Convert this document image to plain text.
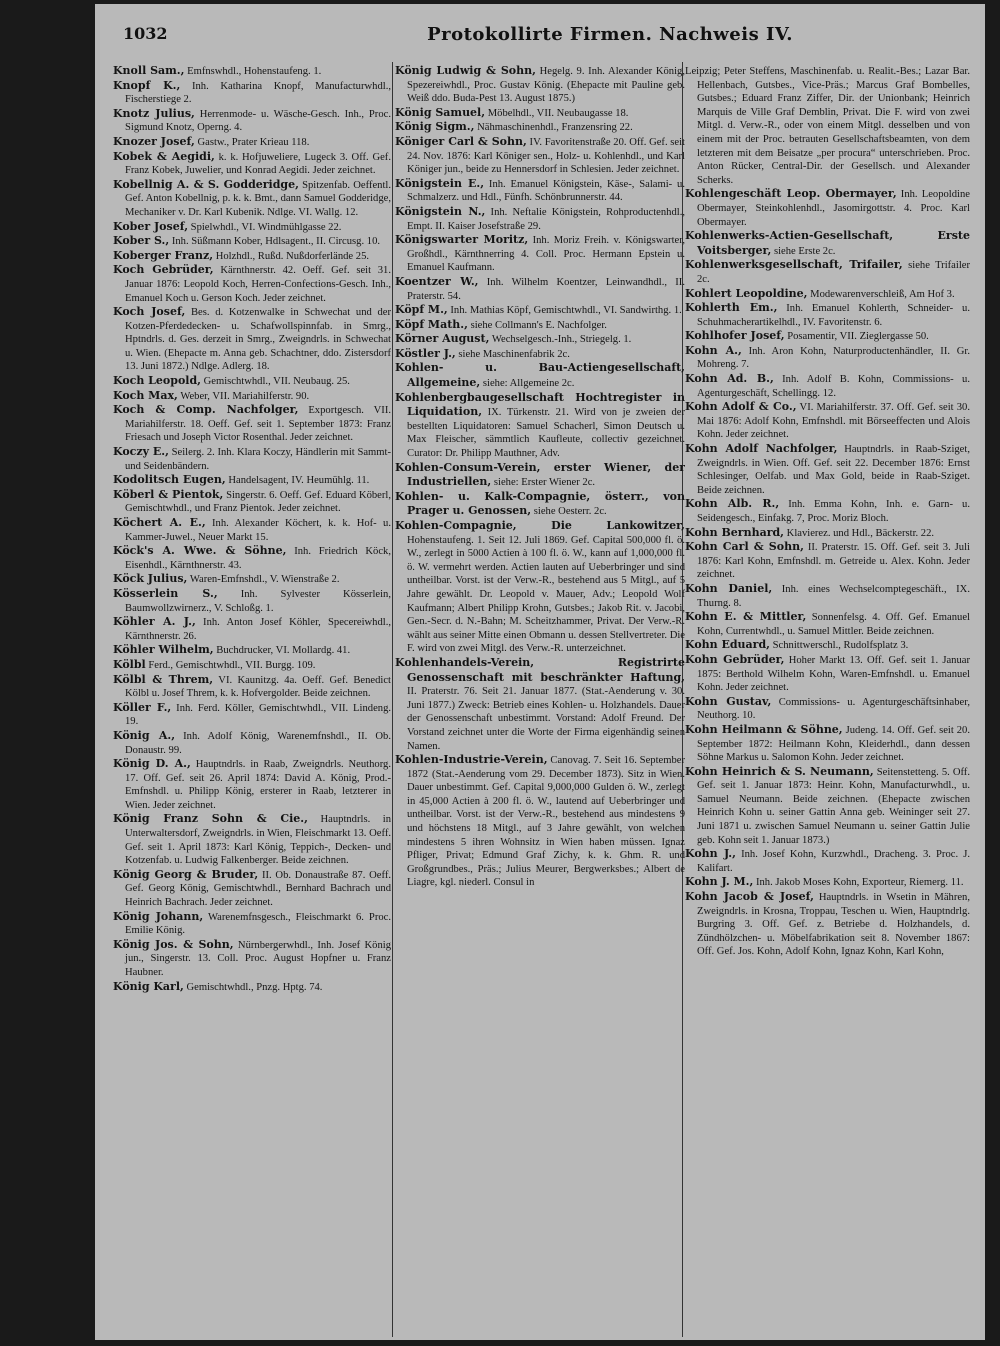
1032	Protokollirte Firmen. Nachweis IV.

Knoll Sam., Emfnswhdl., Hohenstaufeng. 1.

Knopf K., Inh. Katharina Knopf, Manufacturwhdl., Fischerstiege 2.

Knotz Julius, Herrenmode- u. Wäsche-Gesch. Inh., Proc. Sigmund Knotz, Operng. 4.

Knozer Josef, Gastw., Prater Krieau 118.

Kobek & Aegidi, k. k. Hofjuweliere, Lugeck 3. Off. Gef. Franz Kobek, Juwelier, und Konrad Aegidi. Jeder zeichnet.

Kobellnig A. & S. Godderidge, Spitzenfab. Oeffentl. Gef. Anton Kobellnig, p. k. k. Bmt., dann Samuel Godderidge, Mechaniker v. Dr. Karl Kubenik. Ndlge. VI. Wallg. 12.

Kober Josef, Spielwhdl., VI. Windmühlgasse 22.

Kober S., Inh. Süßmann Kober, Hdlsagent., II. Circusg. 10.

Koberger Franz, Holzhdl., Rußd. Nußdorferlände 25.

Koch Gebrüder, Kärnthnerstr. 42. Oeff. Gef. seit 31. Januar 1876: Leopold Koch, Herren-Confections-Gesch. Inh., Emanuel Koch u. Gerson Koch. Jeder zeichnet.

Koch Josef, Bes. d. Kotzenwalke in Schwechat und der Kotzen-Pferdedecken- u. Schafwollspinnfab. in Smrg., Hptndrls. d. Ges. derzeit in Smrg., Zweigndrls. in Schwechat u. Wien. (Ehepacte m. Anna geb. Schachtner, ddo. Zistersdorf 13. Juni 1872.) Ndlge. Adlerg. 18.

Koch Leopold, Gemischtwhdl., VII. Neubaug. 25.

Koch Max, Weber, VII. Mariahilferstr. 90.

Koch & Comp. Nachfolger, Exportgesch. VII. Mariahilferstr. 18. Oeff. Gef. seit 1. September 1873: Franz Friesach und Joseph Victor Rosenthal. Jeder zeichnet.

Koczy E., Seilerg. 2. Inh. Klara Koczy, Händlerin mit Sammt- und Seidenbändern.

Kodolitsch Eugen, Handelsagent, IV. Heumühlg. 11.

Köberl & Pientok, Singerstr. 6. Oeff. Gef. Eduard Köberl, Gemischtwhdl., und Franz Pientok. Jeder zeichnet.

Köchert A. E., Inh. Alexander Köchert, k. k. Hof- u. Kammer-Juwel., Neuer Markt 15.

Köck's A. Wwe. & Söhne, Inh. Friedrich Köck, Eisenhdl., Kärnthnerstr. 43.

Köck Julius, Waren-Emfnshdl., V. Wienstraße 2.

Kösserlein S., Inh. Sylvester Kösserlein, Baumwollzwirnerz., V. Schloßg. 1.

Köhler A. J., Inh. Anton Josef Köhler, Specereiwhdl., Kärnthnerstr. 26.

Köhler Wilhelm, Buchdrucker, VI. Mollardg. 41.

Kölbl Ferd., Gemischtwhdl., VII. Burgg. 109.

Kölbl & Threm, VI. Kaunitzg. 4a. Oeff. Gef. Benedict Kölbl u. Josef Threm, k. k. Hofvergolder. Beide zeichnen.

Köller F., Inh. Ferd. Köller, Gemischtwhdl., VII. Lindeng. 19.

König A., Inh. Adolf König, Warenemfnshdl., II. Ob. Donaustr. 99.

König D. A., Hauptndrls. in Raab, Zweigndrls. Neuthorg. 17. Off. Gef. seit 26. April 1874: David A. König, Prod.-Emfnshdl. u. Philipp König, ersterer in Raab, letzterer in Wien. Jeder zeichnet.

König Franz Sohn & Cie., Hauptndrls. in Unterwaltersdorf, Zweigndrls. in Wien, Fleischmarkt 13. Oeff. Gef. seit 1. April 1873: Karl König, Teppich-, Decken- und Kotzenfab. u. Ludwig Falkenberger. Beide zeichnen.

König Georg & Bruder, II. Ob. Donaustraße 87. Oeff. Gef. Georg König, Gemischtwhdl., Bernhard Bachrach und Heinrich Bachrach. Jeder zeichnet.

König Johann, Warenemfnsgesch., Fleischmarkt 6. Proc. Emilie König.

König Jos. & Sohn, Nürnbergerwhdl., Inh. Josef König jun., Singerstr. 13. Coll. Proc. August Hopfner u. Franz Haubner.

König Karl, Gemischtwhdl., Pnzg. Hptg. 74.

König Ludwig & Sohn, Hegelg. 9. Inh. Alexander König, Spezereiwhdl., Proc. Gustav König. (Ehepacte mit Pauline geb. Weiß ddo. Buda-Pest 13. August 1875.)

König Samuel, Möbelhdl., VII. Neubaugasse 18.

König Sigm., Nähmaschinenhdl., Franzensring 22.

Königer Carl & Sohn, IV. Favoritenstraße 20. Off. Gef. seit 24. Nov. 1876: Karl Königer sen., Holz- u. Kohlenhdl., und Karl Königer jun., beide zu Hennersdorf in Schlesien. Jeder zeichnet.

Königstein E., Inh. Emanuel Königstein, Käse-, Salami- u. Schmalzerz. und Hdl., Fünfh. Schönbrunnerstr. 44.

Königstein N., Inh. Neftalie Königstein, Rohproductenhdl., Empt. II. Kaiser Josefstraße 29.

Königswarter Moritz, Inh. Moriz Freih. v. Königswarter, Großhdl., Kärnthnerring 4. Coll. Proc. Hermann Epstein u. Emanuel Kaufmann.

Koentzer W., Inh. Wilhelm Koentzer, Leinwandhdl., II. Praterstr. 54.

Köpf M., Inh. Mathias Köpf, Gemischtwhdl., VI. Sandwirthg. 1.

Köpf Math., siehe Collmann's E. Nachfolger.

Körner August, Wechselgesch.-Inh., Striegelg. 1.

Köstler J., siehe Maschinenfabrik 2c.

Kohlen- u. Bau-Actiengesellschaft, Allgemeine, siehe: Allgemeine 2c.

Kohlenbergbaugesellschaft Hochtregister in Liquidation, IX. Türkenstr. 21. Wird von je zweien der bestellten Liquidatoren: Samuel Schacherl, Simon Deutsch u. Max Fleischer, sämmtlich Kaufleute, collectiv gezeichnet. Curator: Dr. Philipp Mauthner, Adv.

Kohlen-Consum-Verein, erster Wiener, der Industriellen, siehe: Erster Wiener 2c.

Kohlen- u. Kalk-Compagnie, österr., von Prager u. Genossen, siehe Oesterr. 2c.

Kohlen-Compagnie, Die Lankowitzer, Hohenstaufeng. 1. Seit 12. Juli 1869. Gef. Capital 500,000 fl. ö. W., zerlegt in 5000 Actien à 100 fl. ö. W., kann auf 1,000,000 fl. ö. W. vermehrt werden. Actien lauten auf Ueberbringer und sind untheilbar. Vorst. ist der Verw.-R., bestehend aus 5 Mitgl., auf 5 Jahre gewählt. Dr. Leopold v. Mauer, Adv.; Leopold Wolf Kaufmann; Albert Philipp Krohn, Gutsbes.; Jakob Rit. v. Jacobi, Gen.-Secr. d. N.-Bahn; M. Scheitzhammer, Privat. Der Verw.-R. wählt aus seiner Mitte einen Obmann u. dessen Stellvertreter. Die F. wird von zwei Mitgl. des Verw.-R. unterzeichnet.

Kohlenhandels-Verein, Registrirte Genossenschaft mit beschränkter Haftung, II. Praterstr. 76. Seit 21. Januar 1877. (Stat.-Aenderung v. 30. Juni 1877.) Zweck: Betrieb eines Kohlen- u. Holzhandels. Dauer der Genossenschaft unbestimmt. Vorstand: Adolf Freund. Der Vorstand zeichnet unter die Worte der Firma eigenhändig seinen Namen.

Kohlen-Industrie-Verein, Canovag. 7. Seit 16. September 1872 (Stat.-Aenderung vom 29. December 1873). Sitz in Wien. Dauer unbestimmt. Gef. Capital 9,000,000 Gulden ö. W., zerlegt in 45,000 Actien à 200 fl. ö. W., lautend auf Ueberbringer und untheilbar. Vorst. ist der Verw.-R., bestehend aus mindestens 9 und höchstens 18 Mitgl., auf 3 Jahre gewählt, von welchen mindestens 5 ihren Wohnsitz in Wien haben müssen. Ignaz Pfliger, Privat; Edmund Graf Zichy, k. k. Ghm. R. und Großgrundbes., Präs.; Julius Meurer, Bergwerksbes.; Albert de Liagre, kgl. niederl. Consul in

Leipzig; Peter Steffens, Maschinenfab. u. Realit.-Bes.; Lazar Bar. Hellenbach, Gutsbes., Vice-Präs.; Marcus Graf Bombelles, Gutsbes.; Eduard Franz Ziffer, Dir. der Unionbank; Heinrich Marquis de Ville Graf Demblin, Privat. Die F. wird von zwei Mitgl. d. Verw.-R., oder von einem Mitgl. desselben und von einem mit der Proc. betrauten Gesellschaftsbeamten, von dem letzteren mit dem Beisatze „per procura“ unterschrieben. Proc. Anton Rücker, Central-Dir. der Gesellsch. und Alexander Scherks.

Kohlengeschäft Leop. Obermayer, Inh. Leopoldine Obermayer, Steinkohlenhdl., Jasomirgottstr. 4. Proc. Karl Obermayer.

Kohlenwerks-Actien-Gesellschaft, Erste Voitsberger, siehe Erste 2c.

Kohlenwerksgesellschaft, Trifailer, siehe Trifailer 2c.

Kohlert Leopoldine, Modewarenverschleiß, Am Hof 3.

Kohlerth Em., Inh. Emanuel Kohlerth, Schneider- u. Schuhmacherartikelhdl., IV. Favoritenstr. 6.

Kohlhofer Josef, Posamentir, VII. Zieglergasse 50.

Kohn A., Inh. Aron Kohn, Naturproductenhändler, II. Gr. Mohreng. 7.

Kohn Ad. B., Inh. Adolf B. Kohn, Commissions- u. Agenturgeschäft, Schellingg. 12.

Kohn Adolf & Co., VI. Mariahilferstr. 37. Off. Gef. seit 30. Mai 1876: Adolf Kohn, Emfnshdl. mit Börseeffecten und Alois Kohn. Jeder zeichnet.

Kohn Adolf Nachfolger, Hauptndrls. in Raab-Sziget, Zweigndrls. in Wien. Off. Gef. seit 22. December 1876: Ernst Schlesinger, Oelfab. und Max Gold, beide in Raab-Sziget. Beide zeichnen.

Kohn Alb. R., Inh. Emma Kohn, Inh. e. Garn- u. Seidengesch., Einfakg. 7, Proc. Moriz Bloch.

Kohn Bernhard, Klavierez. und Hdl., Bäckerstr. 22.

Kohn Carl & Sohn, II. Praterstr. 15. Off. Gef. seit 3. Juli 1876: Karl Kohn, Emfnshdl. m. Getreide u. Alex. Kohn. Jeder zeichnet.

Kohn Daniel, Inh. eines Wechselcomptegeschäft., IX. Thurng. 8.

Kohn E. & Mittler, Sonnenfelsg. 4. Off. Gef. Emanuel Kohn, Currentwhdl., u. Samuel Mittler. Beide zeichnen.

Kohn Eduard, Schnittwerschl., Rudolfsplatz 3.

Kohn Gebrüder, Hoher Markt 13. Off. Gef. seit 1. Januar 1875: Berthold Wilhelm Kohn, Waren-Emfnshdl. u. Emanuel Kohn. Jeder zeichnet.

Kohn Gustav, Commissions- u. Agenturgeschäftsinhaber, Neuthorg. 10.

Kohn Heilmann & Söhne, Judeng. 14. Off. Gef. seit 20. September 1872: Heilmann Kohn, Kleiderhdl., dann dessen Söhne Markus u. Salomon Kohn. Jeder zeichnet.

Kohn Heinrich & S. Neumann, Seitenstetteng. 5. Off. Gef. seit 1. Januar 1873: Heinr. Kohn, Manufacturwhdl., u. Samuel Neumann. Beide zeichnen. (Ehepacte zwischen Heinrich Kohn u. seiner Gattin Anna geb. Weininger seit 27. Juni 1871 u. zwischen Samuel Neumann u. seiner Gattin Julie geb. Kohn seit 1. Januar 1873.)

Kohn J., Inh. Josef Kohn, Kurzwhdl., Dracheng. 3. Proc. J. Kalifart.

Kohn J. M., Inh. Jakob Moses Kohn, Exporteur, Riemerg. 11.

Kohn Jacob & Josef, Hauptndrls. in Wsetin in Mähren, Zweigndrls. in Krosna, Troppau, Teschen u. Wien, Hauptndrlg. Burgring 3. Off. Gef. z. Betriebe d. Holzhandels, d. Zündhölzchen- u. Möbelfabrikation seit 8. November 1867: Off. Gef. Jos. Kohn, Adolf Kohn, Ignaz Kohn, Karl Kohn,
